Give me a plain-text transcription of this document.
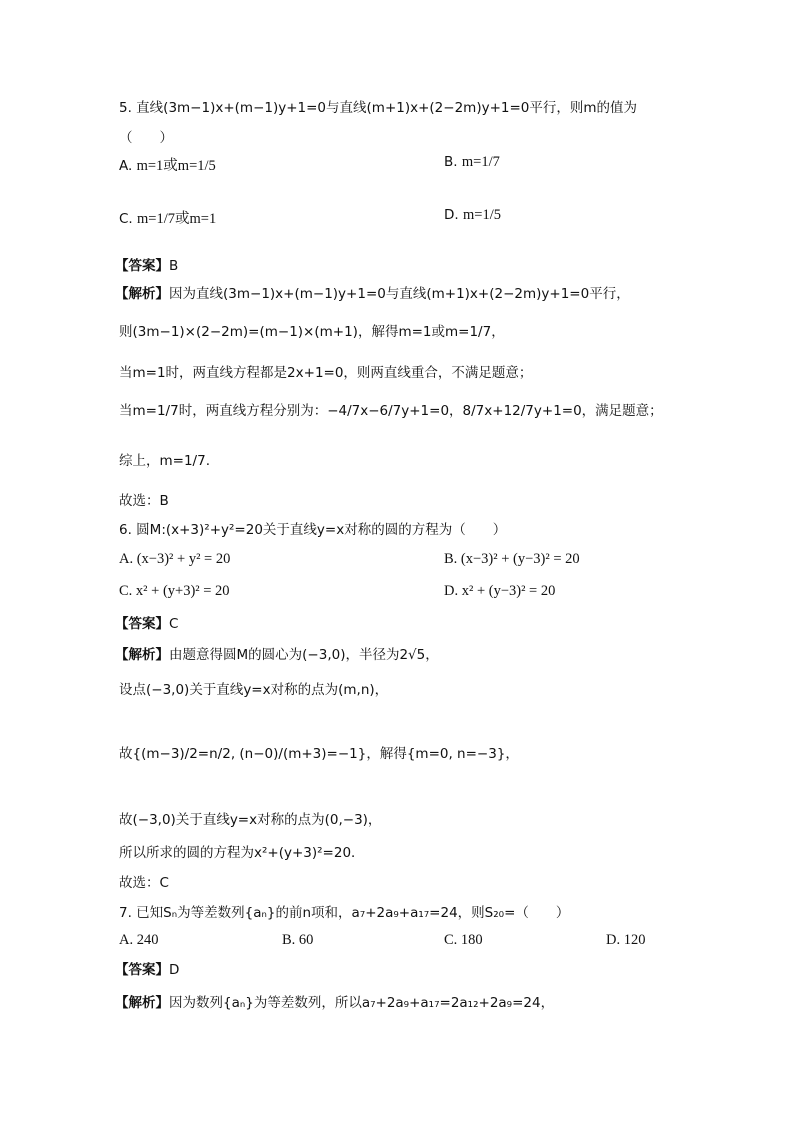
5. 直线(3m−1)x+(m−1)y+1=0与直线(m+1)x+(2−2m)y+1=0平行，则m的值为
（　　）
A. m=1或m=1/5	B. m=1/7
C. m=1/7或m=1	D. m=1/5
【答案】B
【解析】因为直线(3m−1)x+(m−1)y+1=0与直线(m+1)x+(2−2m)y+1=0平行，
则(3m−1)×(2−2m)=(m−1)×(m+1)，解得m=1或m=1/7，
当m=1时，两直线方程都是2x+1=0，则两直线重合，不满足题意；
当m=1/7时，两直线方程分别为：−4/7x−6/7y+1=0，8/7x+12/7y+1=0，满足题意；
综上，m=1/7.
故选：B
6. 圆M:(x+3)²+y²=20关于直线y=x对称的圆的方程为（　　）
A. (x−3)² + y² = 20	B. (x−3)² + (y−3)² = 20
C. x² + (y+3)² = 20	D. x² + (y−3)² = 20
【答案】C
【解析】由题意得圆M的圆心为(−3,0)，半径为2√5，
设点(−3,0)关于直线y=x对称的点为(m,n)，
故{(m−3)/2=n/2, (n−0)/(m+3)=−1}，解得{m=0, n=−3}，
故(−3,0)关于直线y=x对称的点为(0,−3)，
所以所求的圆的方程为x²+(y+3)²=20．
故选：C
7. 已知Sₙ为等差数列{aₙ}的前n项和，a₇+2a₉+a₁₇=24，则S₂₀=（　　）
A. 240	B. 60	C. 180	D. 120
【答案】D
【解析】因为数列{aₙ}为等差数列，所以a₇+2a₉+a₁₇=2a₁₂+2a₉=24，
